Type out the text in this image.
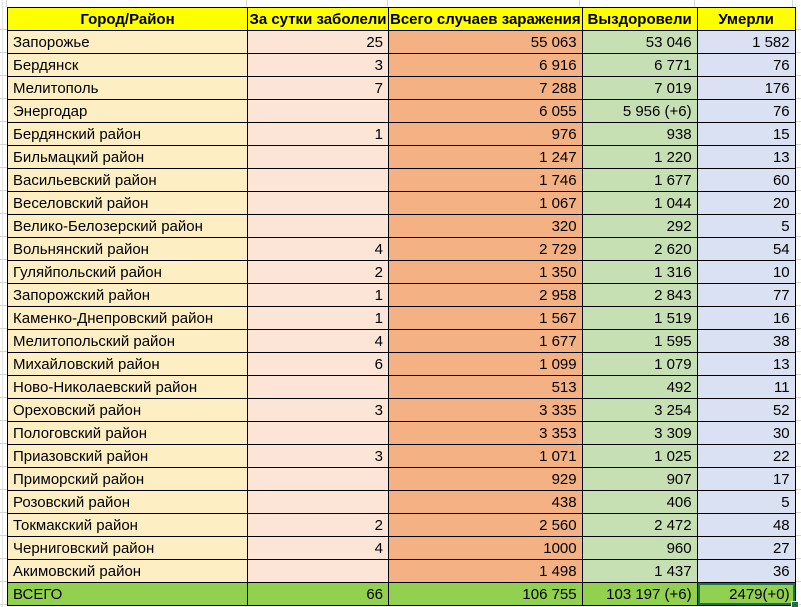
Город/Район	За сутки заболели	Всего случаев заражения	Выздоровели	Умерли
Запорожье	25	55 063	53 046	1 582
Бердянск	3	6 916	6 771	76
Мелитополь	7	7 288	7 019	176
Энергодар		6 055	5 956 (+6)	76
Бердянский район	1	976	938	15
Бильмацкий район		1 247	1 220	13
Васильевский район		1 746	1 677	60
Веселовский район		1 067	1 044	20
Велико-Белозерский район		320	292	5
Вольнянский район	4	2 729	2 620	54
Гуляйпольский район	2	1 350	1 316	10
Запорожский район	1	2 958	2 843	77
Каменко-Днепровский район	1	1 567	1 519	16
Мелитопольский район	4	1 677	1 595	38
Михайловский район	6	1 099	1 079	13
Ново-Николаевский район		513	492	11
Ореховский район	3	3 335	3 254	52
Пологовский район		3 353	3 309	30
Приазовский район	3	1 071	1 025	22
Приморский район		929	907	17
Розовский район		438	406	5
Токмакский район	2	2 560	2 472	48
Черниговский район	4	1000	960	27
Акимовский район		1 498	1 437	36
ВСЕГО	66	106 755	103 197 (+6)	2479(+0)
